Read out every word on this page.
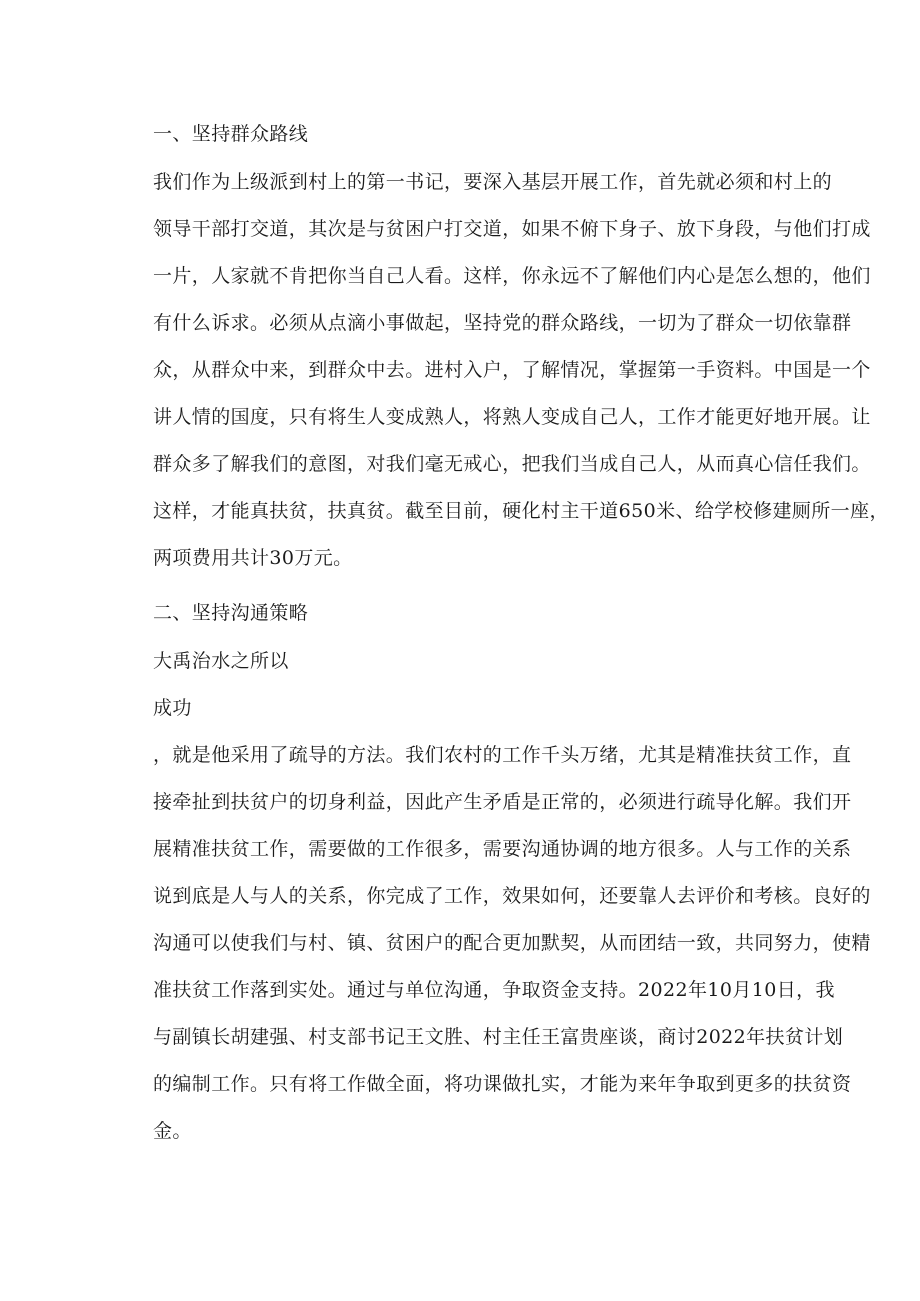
一、坚持群众路线
我们作为上级派到村上的第一书记，要深入基层开展工作，首先就必须和村上的
领导干部打交道，其次是与贫困户打交道，如果不俯下身子、放下身段，与他们打成
一片，人家就不肯把你当自己人看。这样，你永远不了解他们内心是怎么想的，他们
有什么诉求。必须从点滴小事做起，坚持党的群众路线，一切为了群众一切依靠群
众，从群众中来，到群众中去。进村入户，了解情况，掌握第一手资料。中国是一个
讲人情的国度，只有将生人变成熟人，将熟人变成自己人，工作才能更好地开展。让
群众多了解我们的意图，对我们毫无戒心，把我们当成自己人，从而真心信任我们。
这样，才能真扶贫，扶真贫。截至目前，硬化村主干道650米、给学校修建厕所一座，
两项费用共计30万元。
二、坚持沟通策略
大禹治水之所以
成功
，就是他采用了疏导的方法。我们农村的工作千头万绪，尤其是精准扶贫工作，直
接牵扯到扶贫户的切身利益，因此产生矛盾是正常的，必须进行疏导化解。我们开
展精准扶贫工作，需要做的工作很多，需要沟通协调的地方很多。人与工作的关系
说到底是人与人的关系，你完成了工作，效果如何，还要靠人去评价和考核。良好的
沟通可以使我们与村、镇、贫困户的配合更加默契，从而团结一致，共同努力，使精
准扶贫工作落到实处。通过与单位沟通，争取资金支持。2022年10月10日，我
与副镇长胡建强、村支部书记王文胜、村主任王富贵座谈，商讨2022年扶贫计划
的编制工作。只有将工作做全面，将功课做扎实，才能为来年争取到更多的扶贫资
金。
